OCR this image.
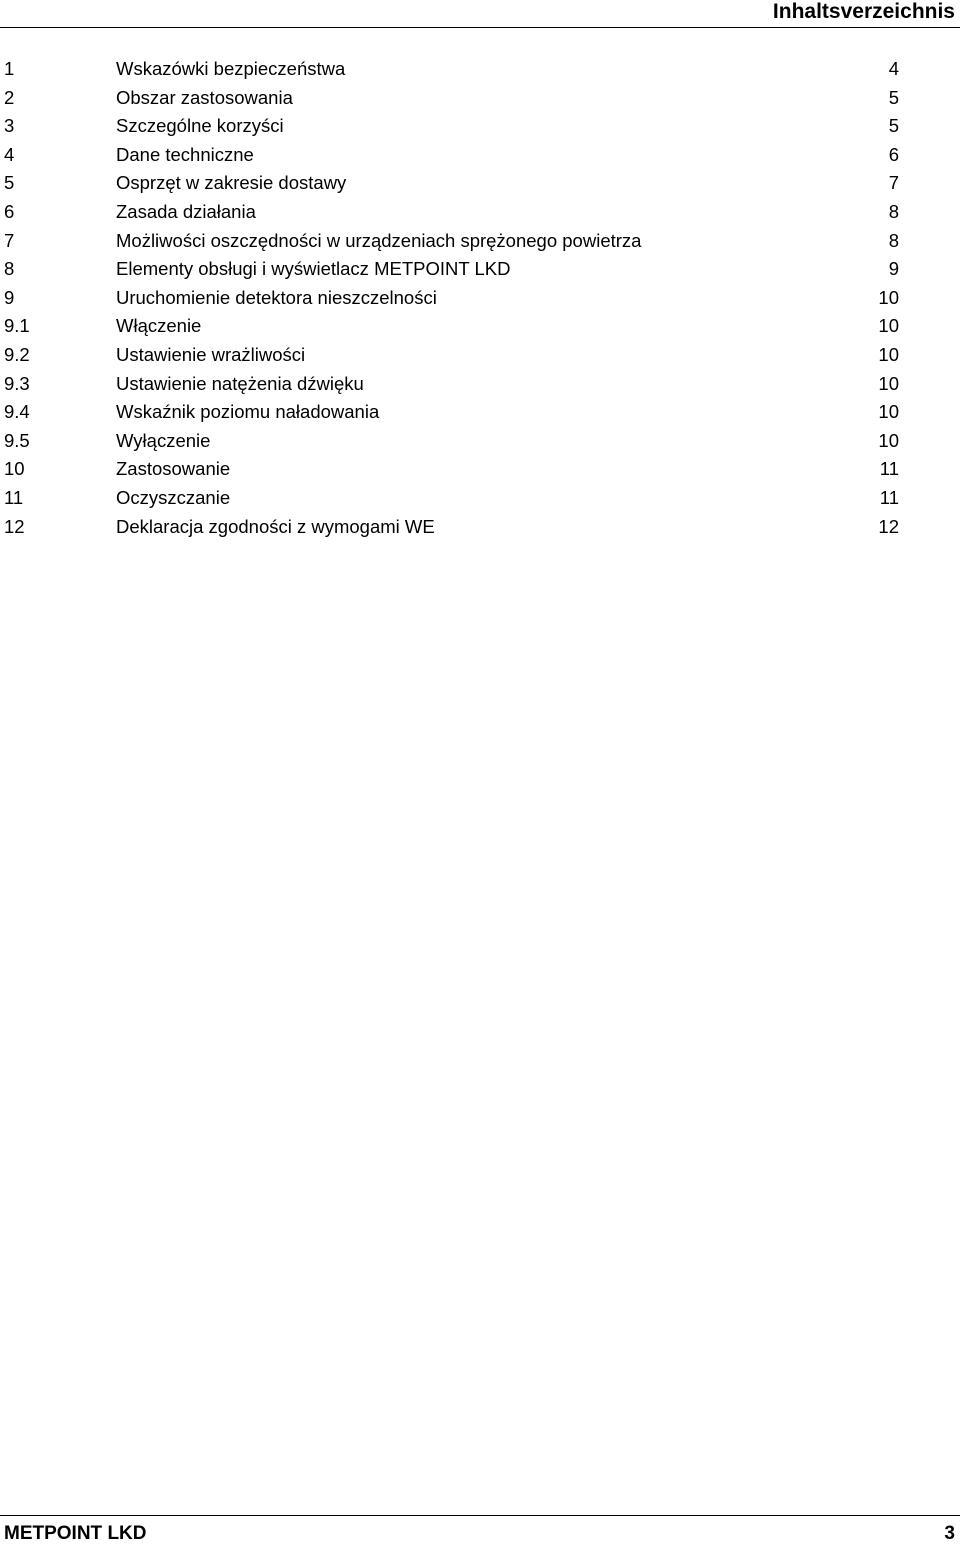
Inhaltsverzeichnis
1	Wskazówki bezpieczeństwa	4
2	Obszar zastosowania	5
3	Szczególne korzyści	5
4	Dane techniczne	6
5	Osprzęt w zakresie dostawy	7
6	Zasada działania	8
7	Możliwości oszczędności w urządzeniach sprężonego powietrza	8
8	Elementy obsługi i wyświetlacz METPOINT LKD	9
9	Uruchomienie detektora nieszczelności	10
9.1	Włączenie	10
9.2	Ustawienie wrażliwości	10
9.3	Ustawienie natężenia dźwięku	10
9.4	Wskaźnik poziomu naładowania	10
9.5	Wyłączenie	10
10	Zastosowanie	11
11	Oczyszczanie	11
12	Deklaracja zgodności z wymogami WE	12
METPOINT LKD	3
